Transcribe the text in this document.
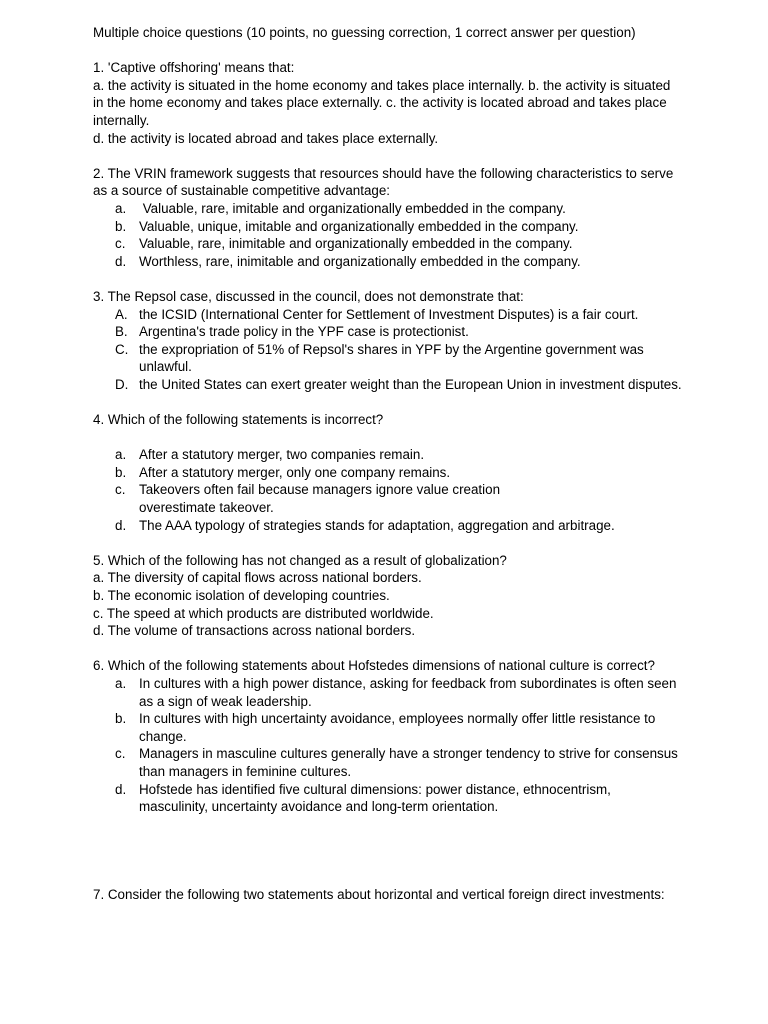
Multiple choice questions (10 points, no guessing correction, 1 correct answer per question)

1. 'Captive offshoring' means that:

a. the activity is situated in the home economy and takes place internally. b. the activity is situated in the home economy and takes place externally. c. the activity is located abroad and takes place internally.

d. the activity is located abroad and takes place externally.

2. The VRIN framework suggests that resources should have the following characteristics to serve as a source of sustainable competitive advantage:

a. Valuable, rare, imitable and organizationally embedded in the company.
b. Valuable, unique, imitable and organizationally embedded in the company.
c. Valuable, rare, inimitable and organizationally embedded in the company.
d. Worthless, rare, inimitable and organizationally embedded in the company.

3. The Repsol case, discussed in the council, does not demonstrate that:

A. the ICSID (International Center for Settlement of Investment Disputes) is a fair court.
B. Argentina's trade policy in the YPF case is protectionist.
C. the expropriation of 51% of Repsol's shares in YPF by the Argentine government was unlawful.
D. the United States can exert greater weight than the European Union in investment disputes.

4. Which of the following statements is incorrect?

a. After a statutory merger, two companies remain.
b. After a statutory merger, only one company remains.
c. Takeovers often fail because managers ignore value creation overestimate takeover.
d. The AAA typology of strategies stands for adaptation, aggregation and arbitrage.

5. Which of the following has not changed as a result of globalization?

a. The diversity of capital flows across national borders.

b. The economic isolation of developing countries.

c. The speed at which products are distributed worldwide.

d. The volume of transactions across national borders.

6. Which of the following statements about Hofstedes dimensions of national culture is correct?

a. In cultures with a high power distance, asking for feedback from subordinates is often seen as a sign of weak leadership.
b. In cultures with high uncertainty avoidance, employees normally offer little resistance to change.
c. Managers in masculine cultures generally have a stronger tendency to strive for consensus than managers in feminine cultures.
d. Hofstede has identified five cultural dimensions: power distance, ethnocentrism, masculinity, uncertainty avoidance and long-term orientation.

7. Consider the following two statements about horizontal and vertical foreign direct investments:
